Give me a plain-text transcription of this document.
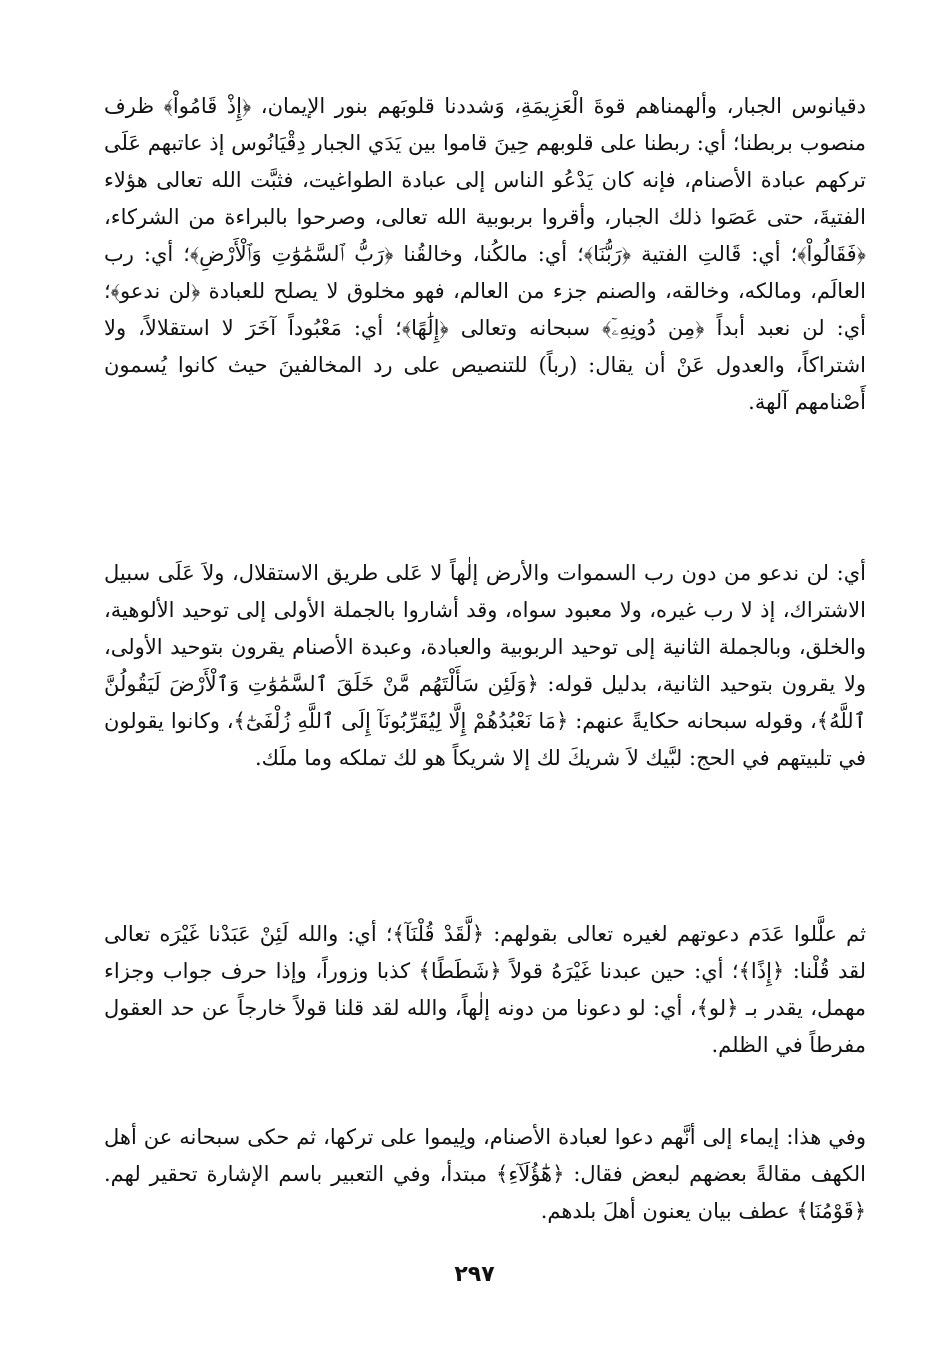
دقيانوس الجبار، وألهمناهم قوةَ الْعَزِيمَةِ، وَشددنا قلوبَهم بنور الإيمان، ﴿إِذْ قَامُواْ﴾ ظرف منصوب بربطنا؛ أي: ربطنا على قلوبهم حِينَ قاموا بين يَدَي الجبار دِقْيَانُوس إذ عاتبهم عَلَى تركهم عبادة الأصنام، فإنه كان يَدْعُو الناس إلى عبادة الطواغيت، فثبَّت الله تعالى هؤلاء الفتيةَ، حتى عَصَوا ذلك الجبار، وأقروا بربوبية الله تعالى، وصرحوا بالبراءة من الشركاء، ﴿فَقَالُواْ﴾؛ أي: قَالتِ الفتية ﴿رَبُّنَا﴾؛ أي: مالكُنا، وخالقُنا ﴿رَبُّ ٱلسَّمَٰوَٰتِ وَٱلْأَرْضِ﴾؛ أي: رب العالَم، ومالكه، وخالقه، والصنم جزء من العالم، فهو مخلوق لا يصلح للعبادة ﴿لن ندعو﴾؛ أي: لن نعبد أبداً ﴿مِن دُونِهِۦٓ﴾ سبحانه وتعالى ﴿إِلَٰهًا﴾؛ أي: مَعْبُوداً آخَرَ لا استقلالاً، ولا اشتراكاً، والعدول عَنْ أن يقال: (رباً) للتنصيص على رد المخالفينَ حيث كانوا يُسمون أَصْنامهم آلهة.

أي: لن ندعو من دون رب السموات والأرض إلٰهاً لا عَلى طريق الاستقلال، ولاَ عَلَى سبيل الاشتراك، إذ لا رب غيره، ولا معبود سواه، وقد أشاروا بالجملة الأولى إلى توحيد الألوهية، والخلق، وبالجملة الثانية إلى توحيد الربوبية والعبادة، وعبدة الأصنام يقرون بتوحيد الأولى، ولا يقرون بتوحيد الثانية، بدليل قوله: ﴿وَلَئِن سَأَلْتَهُم مَّنْ خَلَقَ ٱلسَّمَٰوَٰتِ وَٱلْأَرْضَ لَيَقُولُنَّ ٱللَّهُ﴾، وقوله سبحانه حكايةً عنهم: ﴿مَا نَعْبُدُهُمْ إِلَّا لِيُقَرِّبُونَآ إِلَى ٱللَّهِ زُلْفَىٰٓ﴾، وكانوا يقولون في تلبيتهم في الحج: لبَّيك لاَ شريكَ لك إلا شريكاً هو لك تملكه وما ملَك.

ثم علَّلوا عَدَم دعوتهم لغيره تعالى بقولهم: ﴿لَّقَدْ قُلْنَآ﴾؛ أي: والله لَئِنْ عَبَدْنا غَيْرَه تعالى لقد قُلْنا: ﴿إِذًا﴾؛ أي: حين عبدنا غَيْرَهُ قولاً ﴿شَطَطًا﴾ كذبا وزوراً، وإذا حرف جواب وجزاء مهمل، يقدر بـ ﴿لو﴾، أي: لو دعونا من دونه إلٰهاً، والله لقد قلنا قولاً خارجاً عن حد العقول مفرطاً في الظلم.

وفي هذا: إيماء إلى أنَّهم دعوا لعبادة الأصنام، ولِيموا على تركها، ثم حكى سبحانه عن أهل الكهف مقالةً بعضهم لبعض فقال: ﴿هَٰٓؤُلَآءِ﴾ مبتدأ، وفي التعبير باسم الإشارة تحقير لهم. ﴿قَوْمُنَا﴾ عطف بيان يعنون أهلَ بلدهم.

٢٩٧
